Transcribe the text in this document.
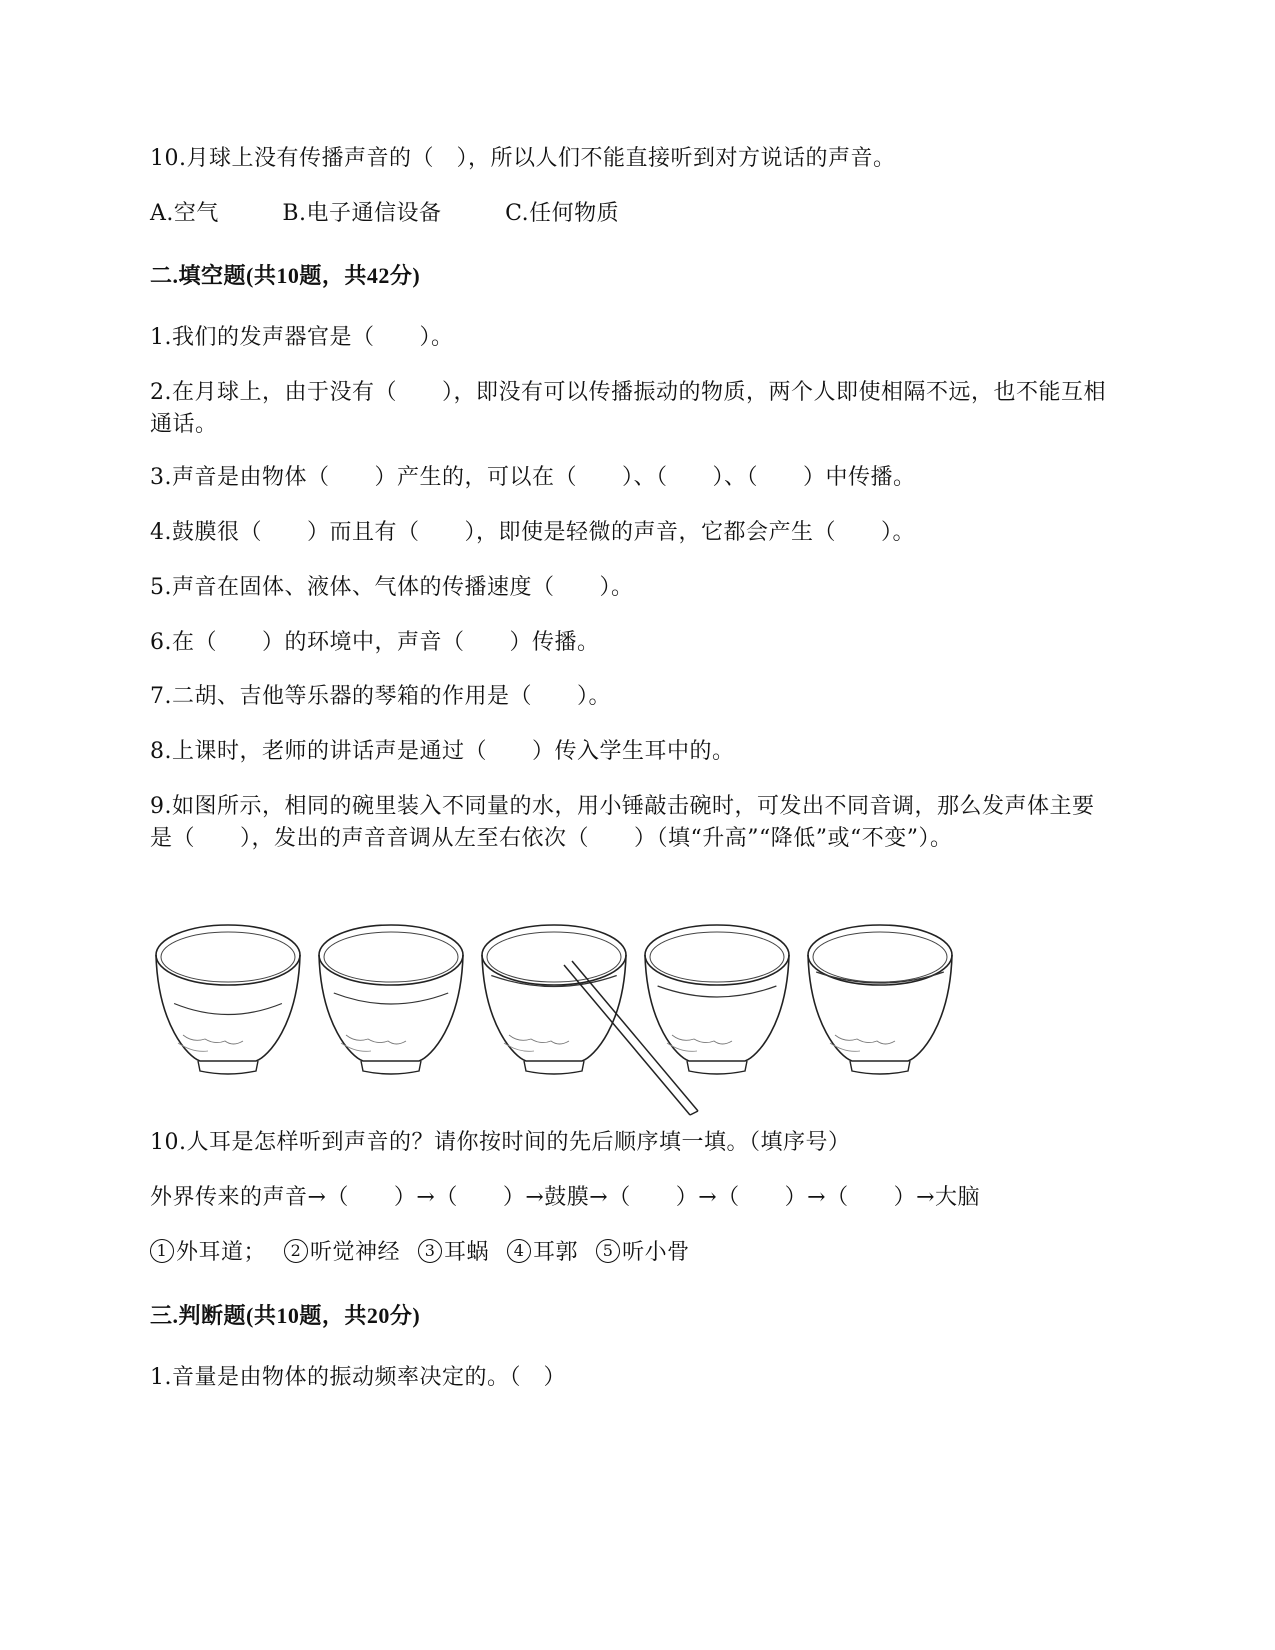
10.月球上没有传播声音的（　），所以人们不能直接听到对方说话的声音。
A.空气	B.电子通信设备	C.任何物质
二.填空题(共10题，共42分)
1.我们的发声器官是（　　）。
2.在月球上，由于没有（　　），即没有可以传播振动的物质，两个人即使相隔不远，也不能互相通话。
3.声音是由物体（　　）产生的，可以在（　　）、（　　）、（　　）中传播。
4.鼓膜很（　　）而且有（　　），即使是轻微的声音，它都会产生（　　）。
5.声音在固体、液体、气体的传播速度（　　）。
6.在（　　）的环境中，声音（　　）传播。
7.二胡、吉他等乐器的琴箱的作用是（　　）。
8.上课时，老师的讲话声是通过（　　）传入学生耳中的。
9.如图所示，相同的碗里装入不同量的水，用小锤敲击碗时，可发出不同音调，那么发声体主要是（　　），发出的声音音调从左至右依次（　　）（填“升高”“降低”或“不变”）。
10.人耳是怎样听到声音的？请你按时间的先后顺序填一填。（填序号）
外界传来的声音→（　　）→（　　）→鼓膜→（　　）→（　　）→（　　）→大脑
1 外耳道； 2 听觉神经 3 耳蜗 4 耳郭 5 听小骨
三.判断题(共10题，共20分)
1.音量是由物体的振动频率决定的。（　）
